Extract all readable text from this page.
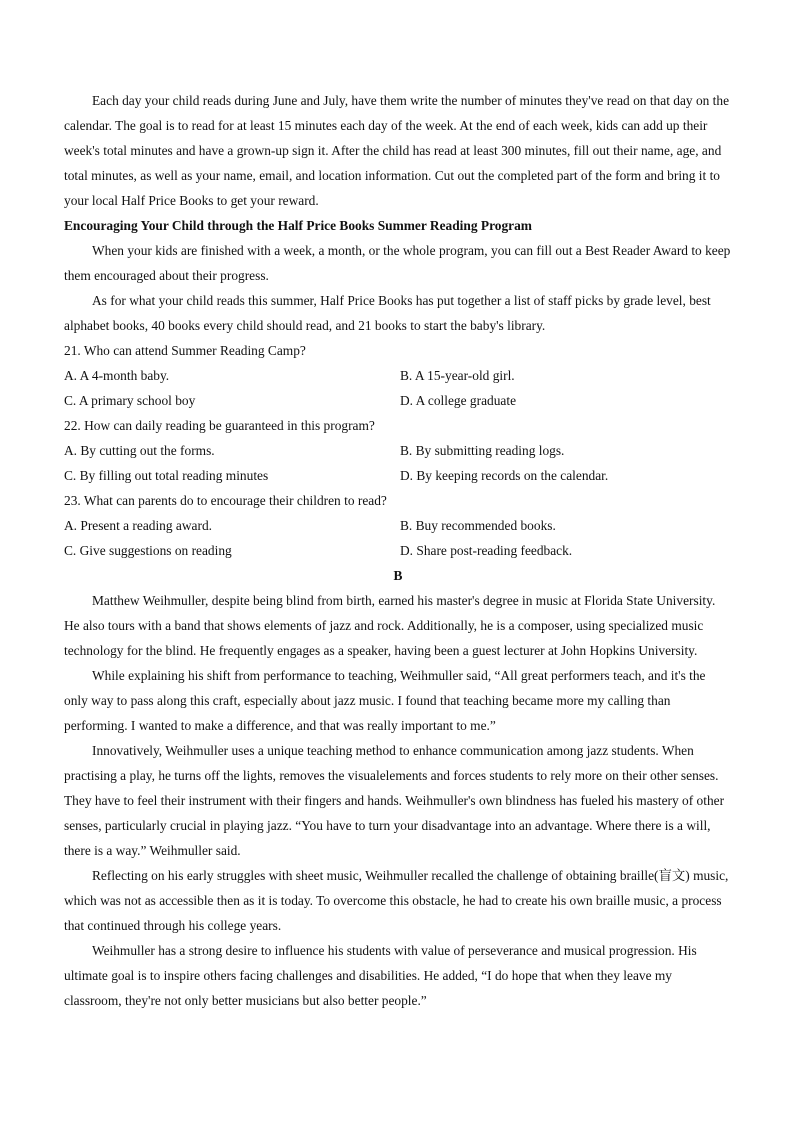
Each day your child reads during June and July, have them write the number of minutes they've read on that day on the calendar. The goal is to read for at least 15 minutes each day of the week. At the end of each week, kids can add up their week's total minutes and have a grown-up sign it. After the child has read at least 300 minutes, fill out their name, age, and total minutes, as well as your name, email, and location information. Cut out the completed part of the form and bring it to your local Half Price Books to get your reward.

Encouraging Your Child through the Half Price Books Summer Reading Program

When your kids are finished with a week, a month, or the whole program, you can fill out a Best Reader Award to keep them encouraged about their progress.

As for what your child reads this summer, Half Price Books has put together a list of staff picks by grade level, best alphabet books, 40 books every child should read, and 21 books to start the baby's library.

21. Who can attend Summer Reading Camp?

A. A 4-month baby.	B. A 15-year-old girl.
C. A primary school boy	D. A college graduate

22. How can daily reading be guaranteed in this program?

A. By cutting out the forms.	B. By submitting reading logs.
C. By filling out total reading minutes	D. By keeping records on the calendar.

23. What can parents do to encourage their children to read?

A. Present a reading award.	B. Buy recommended books.
C. Give suggestions on reading	D. Share post-reading feedback.

B

Matthew Weihmuller, despite being blind from birth, earned his master's degree in music at Florida State University. He also tours with a band that shows elements of jazz and rock. Additionally, he is a composer, using specialized music technology for the blind. He frequently engages as a speaker, having been a guest lecturer at John Hopkins University.

While explaining his shift from performance to teaching, Weihmuller said, “All great performers teach, and it's the only way to pass along this craft, especially about jazz music. I found that teaching became more my calling than performing. I wanted to make a difference, and that was really important to me.”

Innovatively, Weihmuller uses a unique teaching method to enhance communication among jazz students. When practising a play, he turns off the lights, removes the visualelements and forces students to rely more on their other senses. They have to feel their instrument with their fingers and hands. Weihmuller's own blindness has fueled his mastery of other senses, particularly crucial in playing jazz. “You have to turn your disadvantage into an advantage. Where there is a will, there is a way.” Weihmuller said.

Reflecting on his early struggles with sheet music, Weihmuller recalled the challenge of obtaining braille(盲文) music, which was not as accessible then as it is today. To overcome this obstacle, he had to create his own braille music, a process that continued through his college years.

Weihmuller has a strong desire to influence his students with value of perseverance and musical progression. His ultimate goal is to inspire others facing challenges and disabilities. He added, “I do hope that when they leave my classroom, they're not only better musicians but also better people.”
